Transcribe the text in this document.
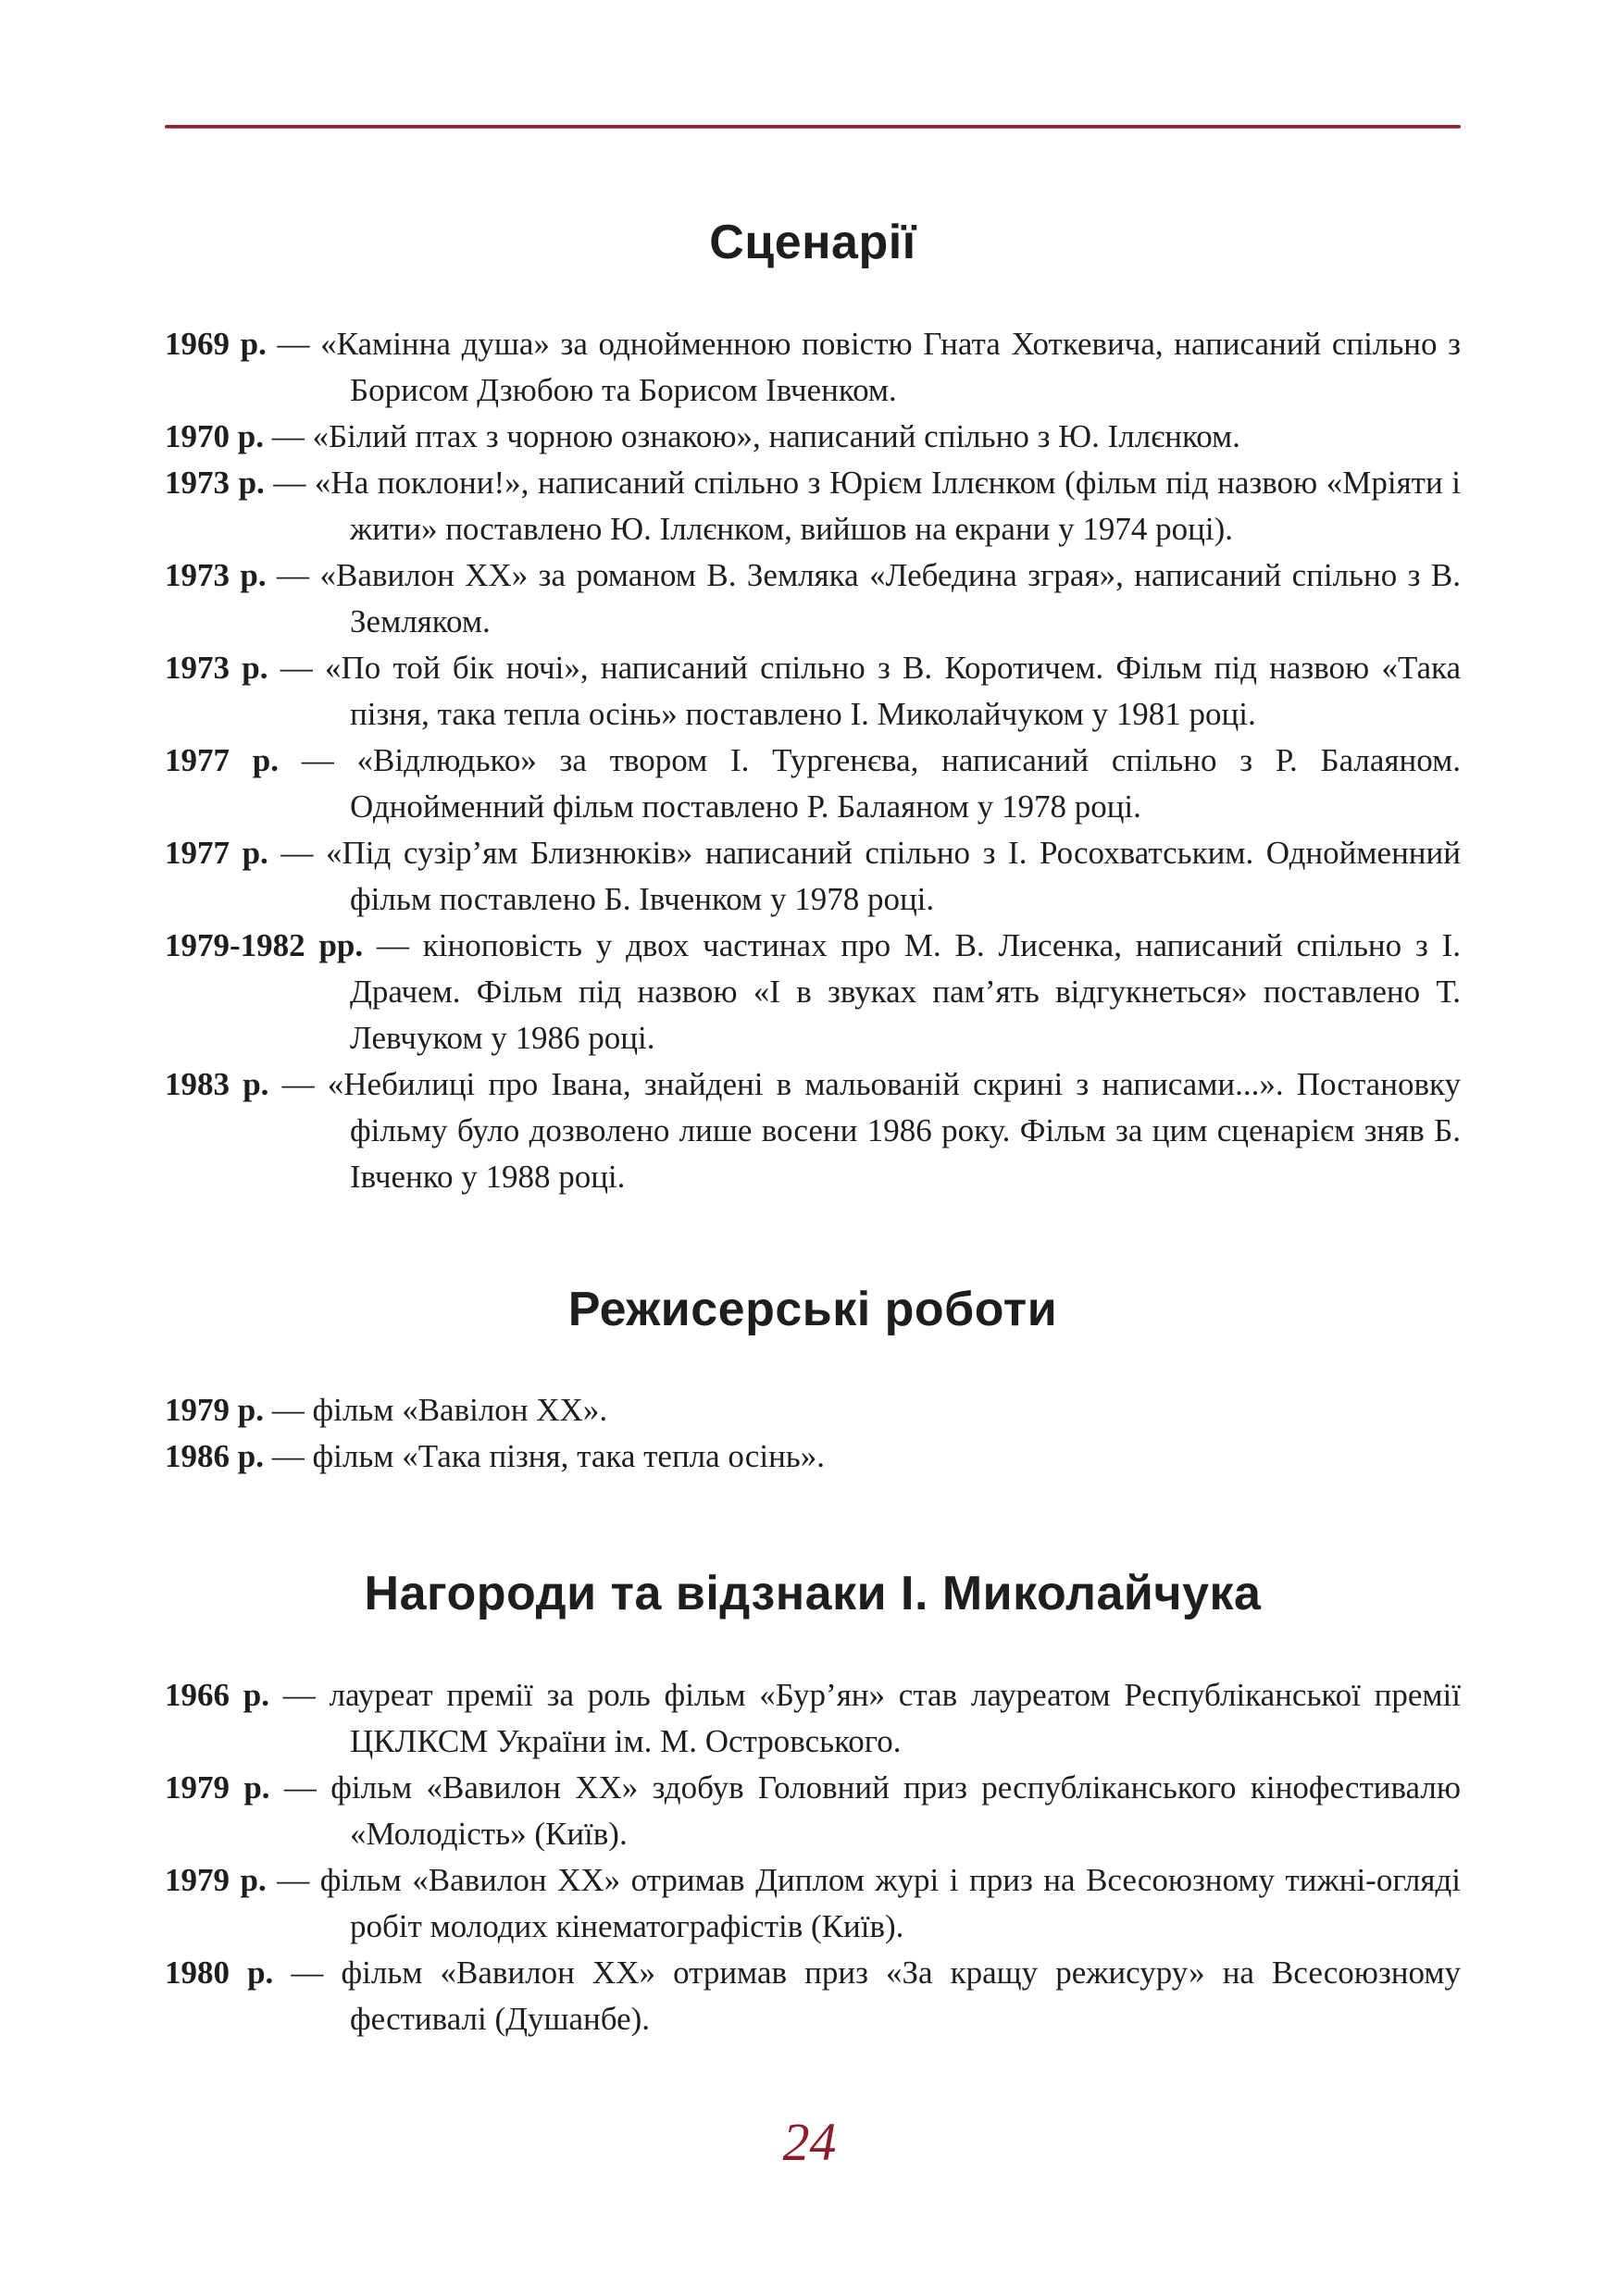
Сценарії

1969 р. — «Камінна душа» за однойменною повістю Гната Хоткевича, написаний спільно з Борисом Дзюбою та Борисом Івченком.

1970 р. — «Білий птах з чорною ознакою», написаний спільно з Ю. Іллєнком.

1973 р. — «На поклони!», написаний спільно з Юрієм Іллєнком (фільм під назвою «Мріяти і жити» поставлено Ю. Іллєнком, вийшов на екрани у 1974 році).

1973 р. — «Вавилон ХХ» за романом В. Земляка «Лебедина зграя», написаний спільно з В. Земляком.

1973 р. — «По той бік ночі», написаний спільно з В. Коротичем. Фільм під назвою «Така пізня, така тепла осінь» поставлено І. Миколайчуком у 1981 році.

1977 р. — «Відлюдько» за твором І. Тургенєва, написаний спільно з Р. Балаяном. Однойменний фільм поставлено Р. Балаяном у 1978 році.

1977 р. — «Під сузір’ям Близнюків» написаний спільно з І. Росохватським. Однойменний фільм поставлено Б. Івченком у 1978 році.

1979-1982 рр. — кіноповість у двох частинах про М. В. Лисенка, написаний спільно з І. Драчем. Фільм під назвою «І в звуках пам’ять відгукнеться» поставлено Т. Левчуком у 1986 році.

1983 р. — «Небилиці про Івана, знайдені в мальованій скрині з написами...». Постановку фільму було дозволено лише восени 1986 року. Фільм за цим сценарієм зняв Б. Івченко у 1988 році.

Режисерські роботи

1979 р. — фільм «Вавілон ХХ».

1986 р. — фільм «Така пізня, така тепла осінь».

Нагороди та відзнаки І. Миколайчука

1966 р. — лауреат премії за роль фільм «Бур’ян» став лауреатом Республіканської премії ЦКЛКСМ України ім. М. Островського.

1979 р. — фільм «Вавилон ХХ» здобув Головний приз республіканського кінофестивалю «Молодість» (Київ).

1979 р. — фільм «Вавилон ХХ» отримав Диплом журі і приз на Всесоюзному тижні-огляді робіт молодих кінематографістів (Київ).

1980 р. — фільм «Вавилон ХХ» отримав приз «За кращу режисуру» на Всесоюзному фестивалі (Душанбе).

24
